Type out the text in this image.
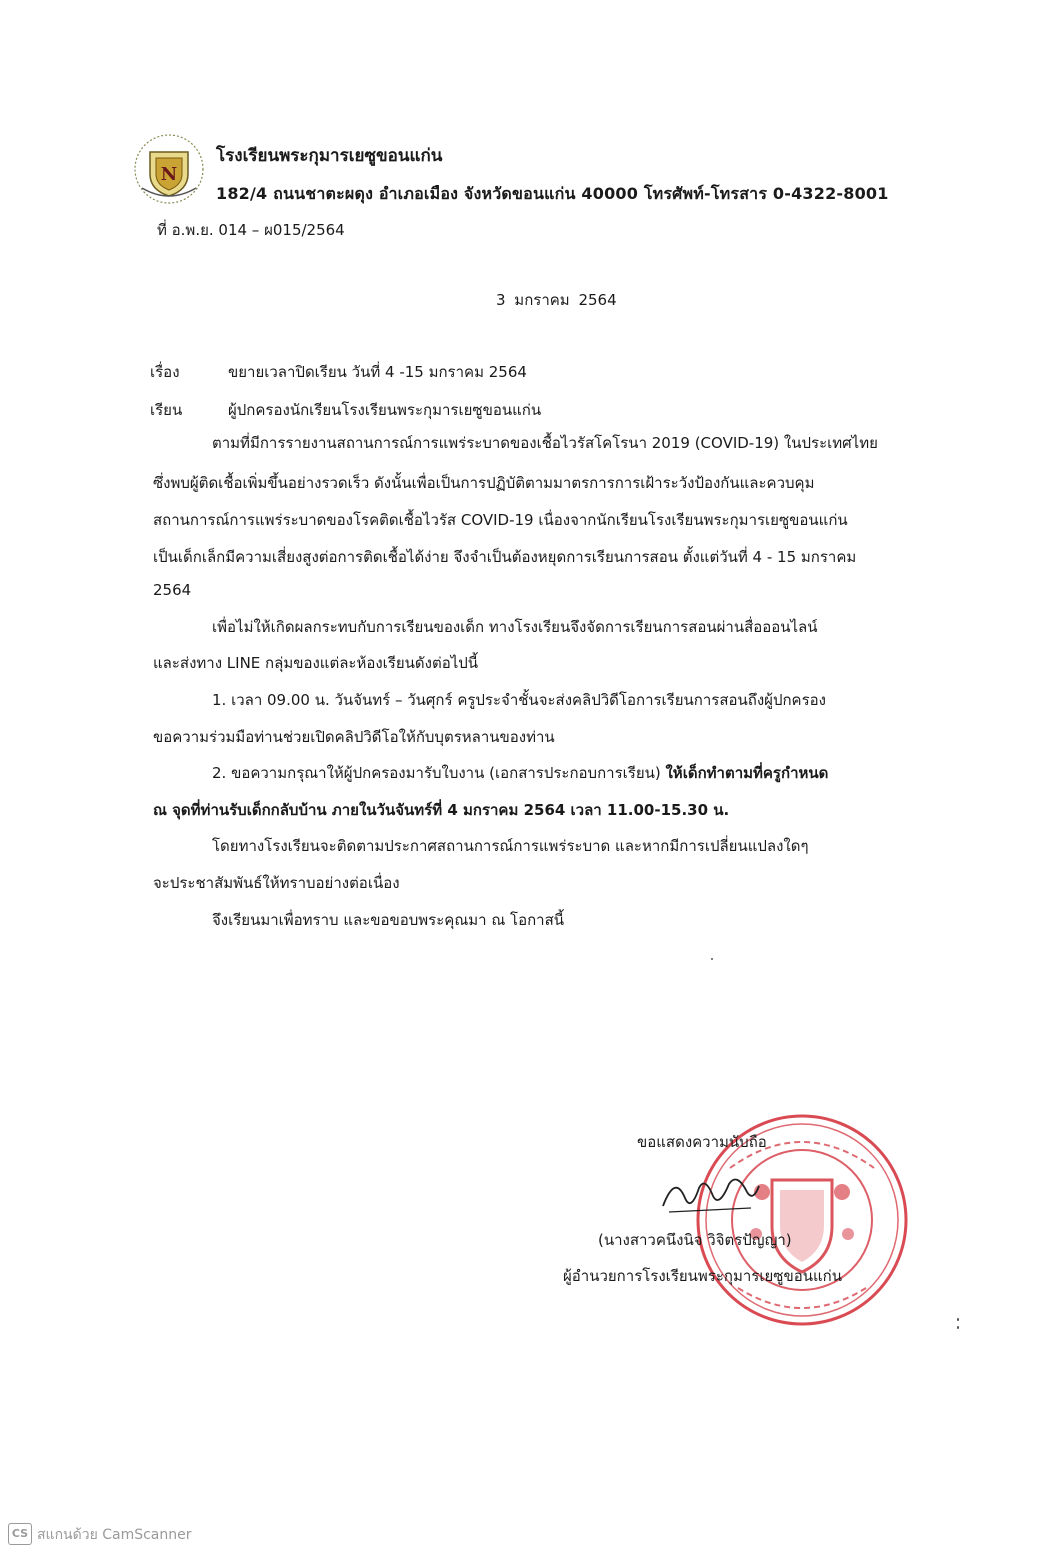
N
โรงเรียนพระกุมารเยซูขอนแก่น
182/4 ถนนชาตะผดุง อำเภอเมือง จังหวัดขอนแก่น 40000 โทรศัพท์-โทรสาร 0-4322-8001
ที่ อ.พ.ย. 014 – ผ015/2564
3 มกราคม 2564
เรื่อง	ขยายเวลาปิดเรียน วันที่ 4 -15 มกราคม 2564
เรียน	ผู้ปกครองนักเรียนโรงเรียนพระกุมารเยซูขอนแก่น
ตามที่มีการรายงานสถานการณ์การแพร่ระบาดของเชื้อไวรัสโคโรนา 2019 (COVID-19) ในประเทศไทย
ซึ่งพบผู้ติดเชื้อเพิ่มขึ้นอย่างรวดเร็ว ดังนั้นเพื่อเป็นการปฏิบัติตามมาตรการการเฝ้าระวังป้องกันและควบคุม
สถานการณ์การแพร่ระบาดของโรคติดเชื้อไวรัส COVID-19 เนื่องจากนักเรียนโรงเรียนพระกุมารเยซูขอนแก่น
เป็นเด็กเล็กมีความเสี่ยงสูงต่อการติดเชื้อได้ง่าย จึงจำเป็นต้องหยุดการเรียนการสอน ตั้งแต่วันที่ 4 - 15 มกราคม
2564
เพื่อไม่ให้เกิดผลกระทบกับการเรียนของเด็ก ทางโรงเรียนจึงจัดการเรียนการสอนผ่านสื่อออนไลน์
และส่งทาง LINE กลุ่มของแต่ละห้องเรียนดังต่อไปนี้
1. เวลา 09.00 น. วันจันทร์ – วันศุกร์ ครูประจำชั้นจะส่งคลิปวิดีโอการเรียนการสอนถึงผู้ปกครอง
ขอความร่วมมือท่านช่วยเปิดคลิปวิดีโอให้กับบุตรหลานของท่าน
2. ขอความกรุณาให้ผู้ปกครองมารับใบงาน (เอกสารประกอบการเรียน) ให้เด็กทำตามที่ครูกำหนด
ณ จุดที่ท่านรับเด็กกลับบ้าน ภายในวันจันทร์ที่ 4 มกราคม 2564 เวลา 11.00-15.30 น.
โดยทางโรงเรียนจะติดตามประกาศสถานการณ์การแพร่ระบาด และหากมีการเปลี่ยนแปลงใดๆ
จะประชาสัมพันธ์ให้ทราบอย่างต่อเนื่อง
จึงเรียนมาเพื่อทราบ และขอขอบพระคุณมา ณ โอกาสนี้
ขอแสดงความนับถือ
(นางสาวคนึงนิจ วิจิตรปัญญา)
ผู้อำนวยการโรงเรียนพระกุมารเยซูขอนแก่น
CS สแกนด้วย CamScanner
